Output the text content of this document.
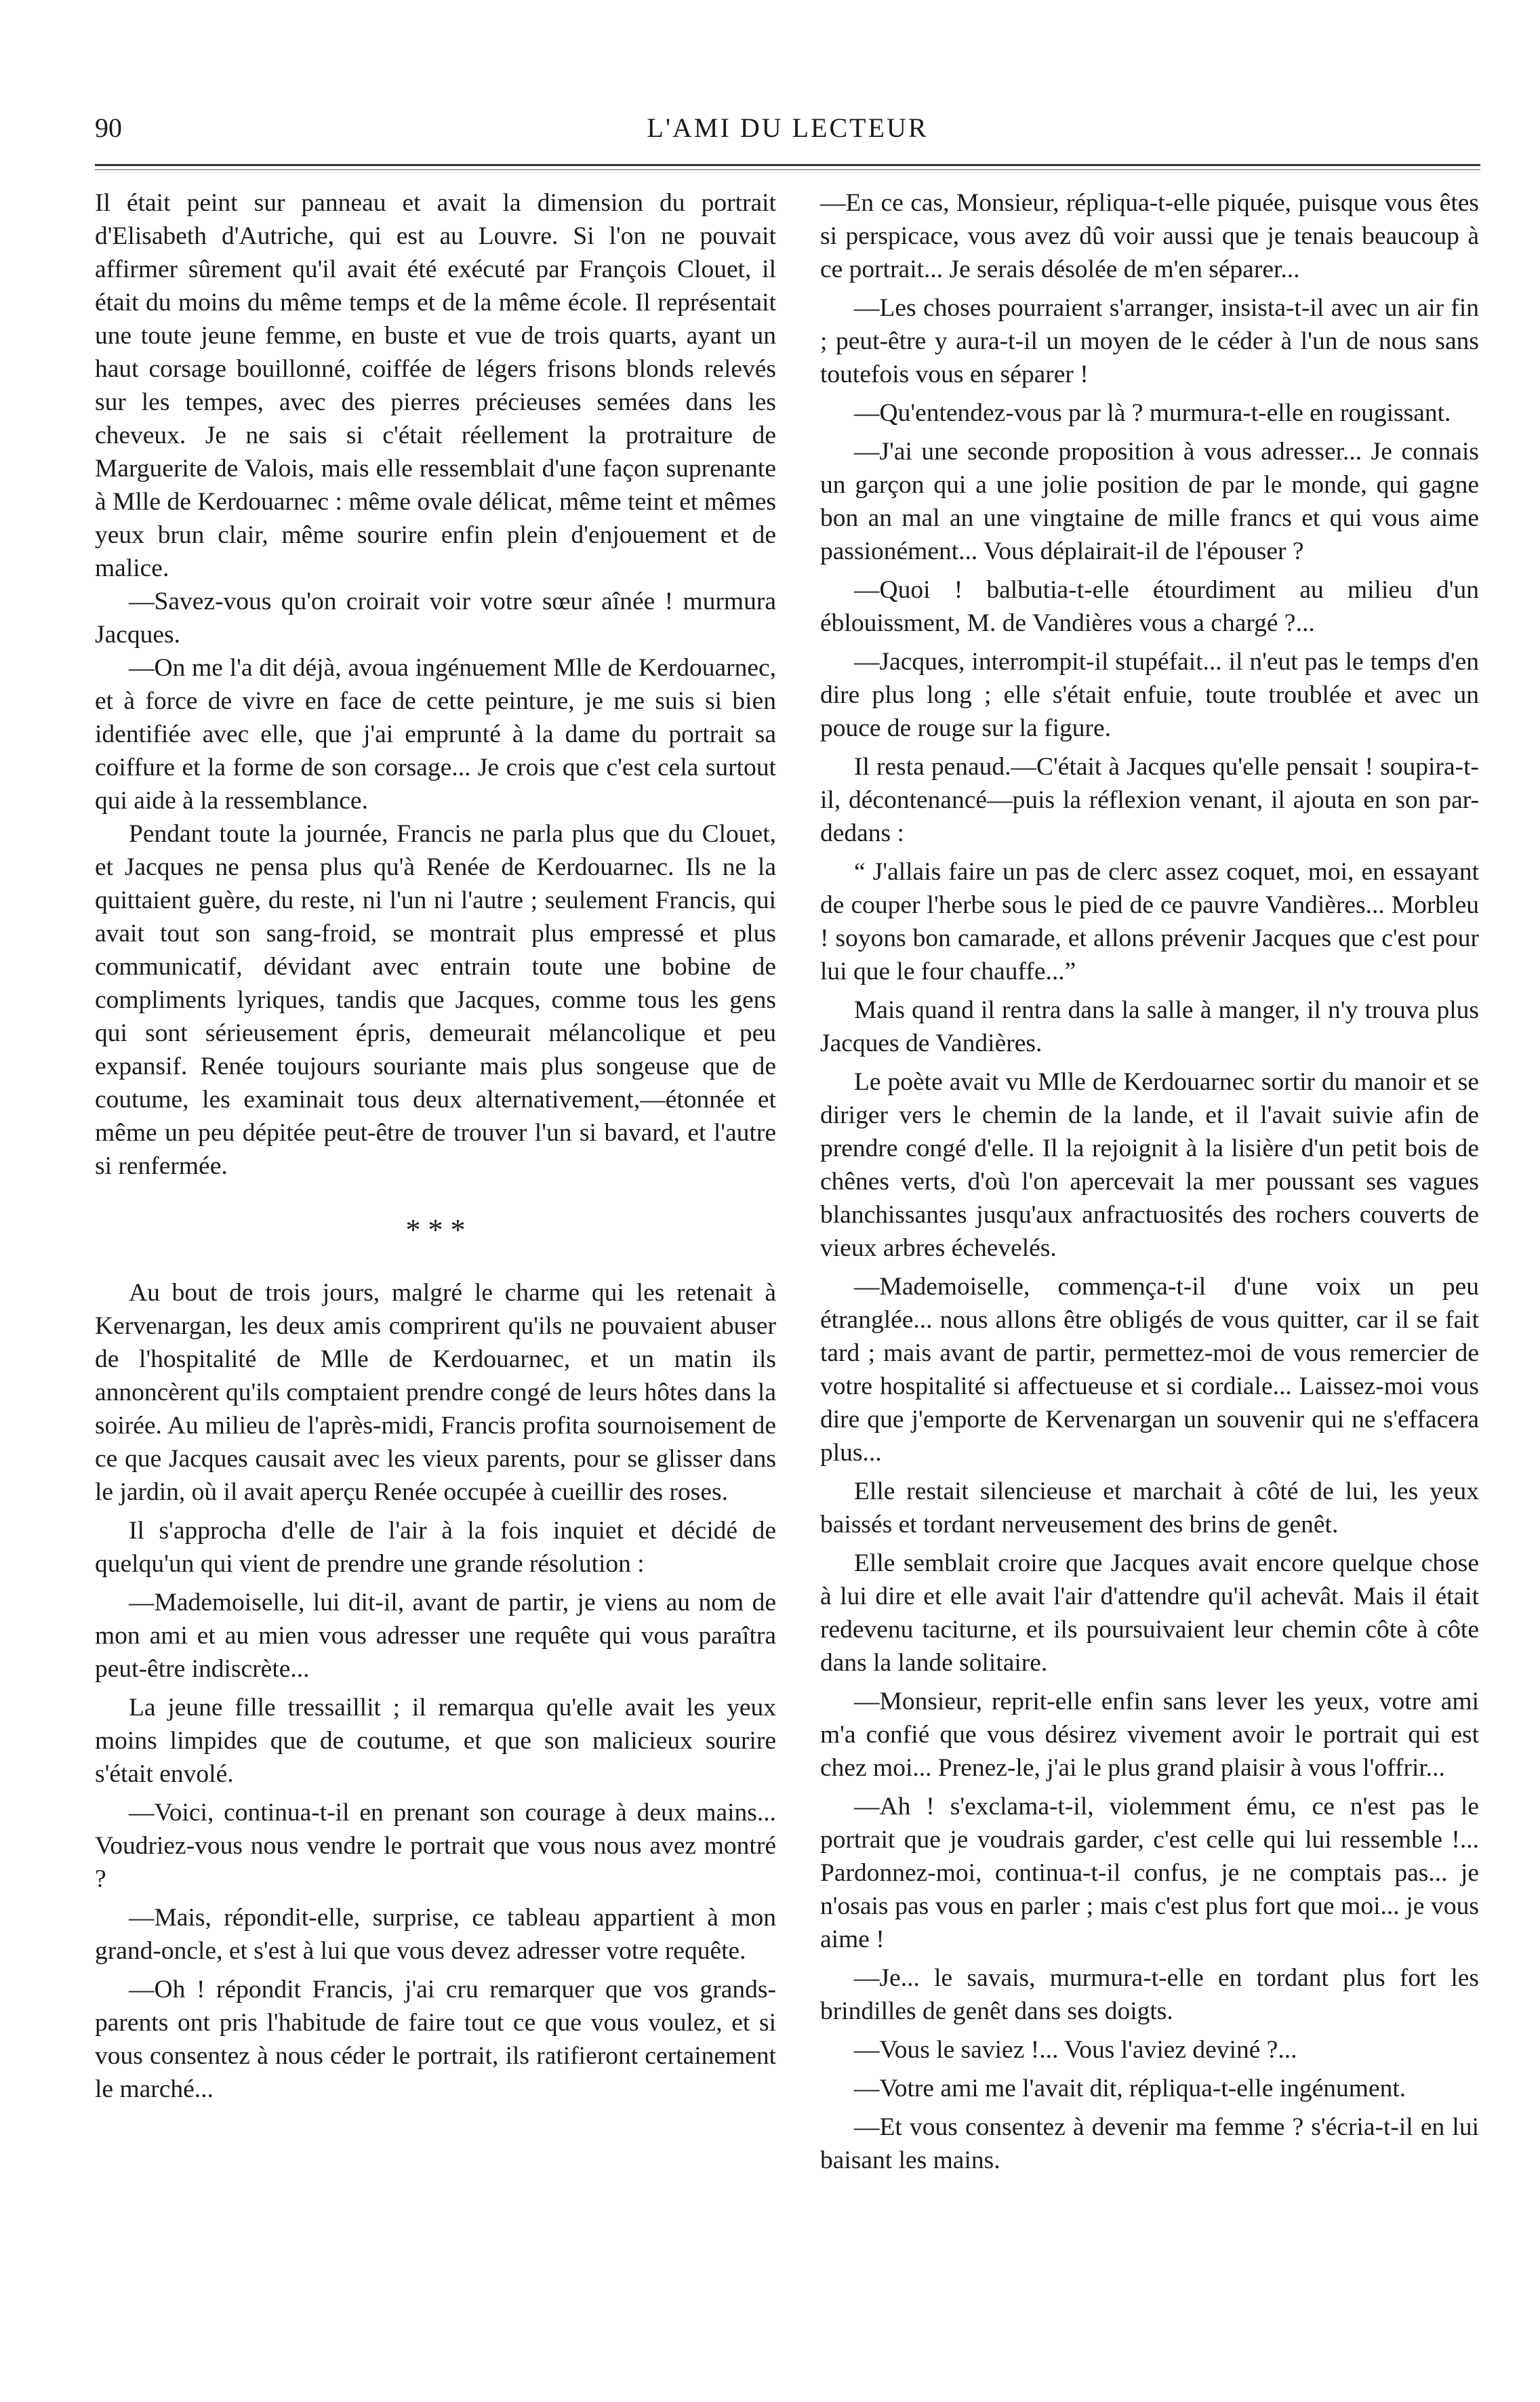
90	L'AMI DU LECTEUR

Il était peint sur panneau et avait la dimension du portrait d'Elisabeth d'Autriche, qui est au Louvre. Si l'on ne pouvait affirmer sûrement qu'il avait été exécuté par François Clouet, il était du moins du même temps et de la même école. Il représentait une toute jeune femme, en buste et vue de trois quarts, ayant un haut corsage bouillonné, coiffée de légers frisons blonds relevés sur les tempes, avec des pierres précieuses semées dans les cheveux. Je ne sais si c'était réellement la protraiture de Marguerite de Valois, mais elle ressemblait d'une façon suprenante à Mlle de Kerdouarnec : même ovale délicat, même teint et mêmes yeux brun clair, même sourire enfin plein d'enjouement et de malice.

—Savez-vous qu'on croirait voir votre sœur aînée ! murmura Jacques.

—On me l'a dit déjà, avoua ingénuement Mlle de Kerdouarnec, et à force de vivre en face de cette peinture, je me suis si bien identifiée avec elle, que j'ai emprunté à la dame du portrait sa coiffure et la forme de son corsage... Je crois que c'est cela surtout qui aide à la ressemblance.

Pendant toute la journée, Francis ne parla plus que du Clouet, et Jacques ne pensa plus qu'à Renée de Kerdouarnec. Ils ne la quittaient guère, du reste, ni l'un ni l'autre ; seulement Francis, qui avait tout son sang-froid, se montrait plus empressé et plus communicatif, dévidant avec entrain toute une bobine de compliments lyriques, tandis que Jacques, comme tous les gens qui sont sérieusement épris, demeurait mélancolique et peu expansif. Renée toujours souriante mais plus songeuse que de coutume, les examinait tous deux alternativement,—étonnée et même un peu dépitée peut-être de trouver l'un si bavard, et l'autre si renfermée.

* * *

Au bout de trois jours, malgré le charme qui les retenait à Kervenargan, les deux amis comprirent qu'ils ne pouvaient abuser de l'hospitalité de Mlle de Kerdouarnec, et un matin ils annoncèrent qu'ils comptaient prendre congé de leurs hôtes dans la soirée. Au milieu de l'après-midi, Francis profita sournoisement de ce que Jacques causait avec les vieux parents, pour se glisser dans le jardin, où il avait aperçu Renée occupée à cueillir des roses.

Il s'approcha d'elle de l'air à la fois inquiet et décidé de quelqu'un qui vient de prendre une grande résolution :

—Mademoiselle, lui dit-il, avant de partir, je viens au nom de mon ami et au mien vous adresser une requête qui vous paraîtra peut-être indiscrète...

La jeune fille tressaillit ; il remarqua qu'elle avait les yeux moins limpides que de coutume, et que son malicieux sourire s'était envolé.

—Voici, continua-t-il en prenant son courage à deux mains... Voudriez-vous nous vendre le portrait que vous nous avez montré ?

—Mais, répondit-elle, surprise, ce tableau appartient à mon grand-oncle, et s'est à lui que vous devez adresser votre requête.

—Oh ! répondit Francis, j'ai cru remarquer que vos grands-parents ont pris l'habitude de faire tout ce que vous voulez, et si vous consentez à nous céder le portrait, ils ratifieront certainement le marché...

—En ce cas, Monsieur, répliqua-t-elle piquée, puisque vous êtes si perspicace, vous avez dû voir aussi que je tenais beaucoup à ce portrait... Je serais désolée de m'en séparer...

—Les choses pourraient s'arranger, insista-t-il avec un air fin ; peut-être y aura-t-il un moyen de le céder à l'un de nous sans toutefois vous en séparer !

—Qu'entendez-vous par là ? murmura-t-elle en rougissant.

—J'ai une seconde proposition à vous adresser... Je connais un garçon qui a une jolie position de par le monde, qui gagne bon an mal an une vingtaine de mille francs et qui vous aime passionément... Vous déplairait-il de l'épouser ?

—Quoi ! balbutia-t-elle étourdiment au milieu d'un éblouissment, M. de Vandières vous a chargé ?...

—Jacques, interrompit-il stupéfait... il n'eut pas le temps d'en dire plus long ; elle s'était enfuie, toute troublée et avec un pouce de rouge sur la figure.

Il resta penaud.—C'était à Jacques qu'elle pensait ! soupira-t-il, décontenancé—puis la réflexion venant, il ajouta en son par-dedans :

“ J'allais faire un pas de clerc assez coquet, moi, en essayant de couper l'herbe sous le pied de ce pauvre Vandières... Morbleu ! soyons bon camarade, et allons prévenir Jacques que c'est pour lui que le four chauffe...”

Mais quand il rentra dans la salle à manger, il n'y trouva plus Jacques de Vandières.

Le poète avait vu Mlle de Kerdouarnec sortir du manoir et se diriger vers le chemin de la lande, et il l'avait suivie afin de prendre congé d'elle. Il la rejoignit à la lisière d'un petit bois de chênes verts, d'où l'on apercevait la mer poussant ses vagues blanchissantes jusqu'aux anfractuosités des rochers couverts de vieux arbres échevelés.

—Mademoiselle, commença-t-il d'une voix un peu étranglée... nous allons être obligés de vous quitter, car il se fait tard ; mais avant de partir, permettez-moi de vous remercier de votre hospitalité si affectueuse et si cordiale... Laissez-moi vous dire que j'emporte de Kervenargan un souvenir qui ne s'effacera plus...

Elle restait silencieuse et marchait à côté de lui, les yeux baissés et tordant nerveusement des brins de genêt.

Elle semblait croire que Jacques avait encore quelque chose à lui dire et elle avait l'air d'attendre qu'il achevât. Mais il était redevenu taciturne, et ils poursuivaient leur chemin côte à côte dans la lande solitaire.

—Monsieur, reprit-elle enfin sans lever les yeux, votre ami m'a confié que vous désirez vivement avoir le portrait qui est chez moi... Prenez-le, j'ai le plus grand plaisir à vous l'offrir...

—Ah ! s'exclama-t-il, violemment ému, ce n'est pas le portrait que je voudrais garder, c'est celle qui lui ressemble !... Pardonnez-moi, continua-t-il confus, je ne comptais pas... je n'osais pas vous en parler ; mais c'est plus fort que moi... je vous aime !

—Je... le savais, murmura-t-elle en tordant plus fort les brindilles de genêt dans ses doigts.

—Vous le saviez !... Vous l'aviez deviné ?...

—Votre ami me l'avait dit, répliqua-t-elle ingénument.

—Et vous consentez à devenir ma femme ? s'écria-t-il en lui baisant les mains.
